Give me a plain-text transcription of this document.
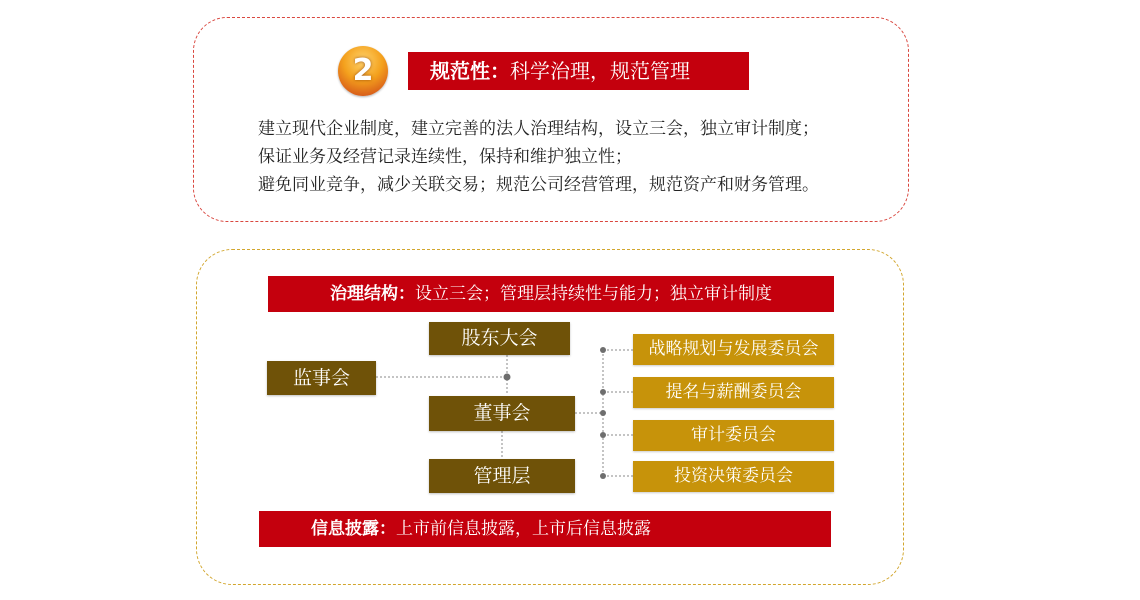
2	规范性：科学治理，规范管理
建立现代企业制度，建立完善的法人治理结构，设立三会，独立审计制度；
保证业务及经营记录连续性，保持和维护独立性；
避免同业竞争，减少关联交易；规范公司经营管理，规范资产和财务管理。
治理结构：设立三会；管理层持续性与能力；独立审计制度
股东大会
监事会
董事会
管理层
战略规划与发展委员会
提名与薪酬委员会
审计委员会
投资决策委员会
信息披露：上市前信息披露，上市后信息披露
